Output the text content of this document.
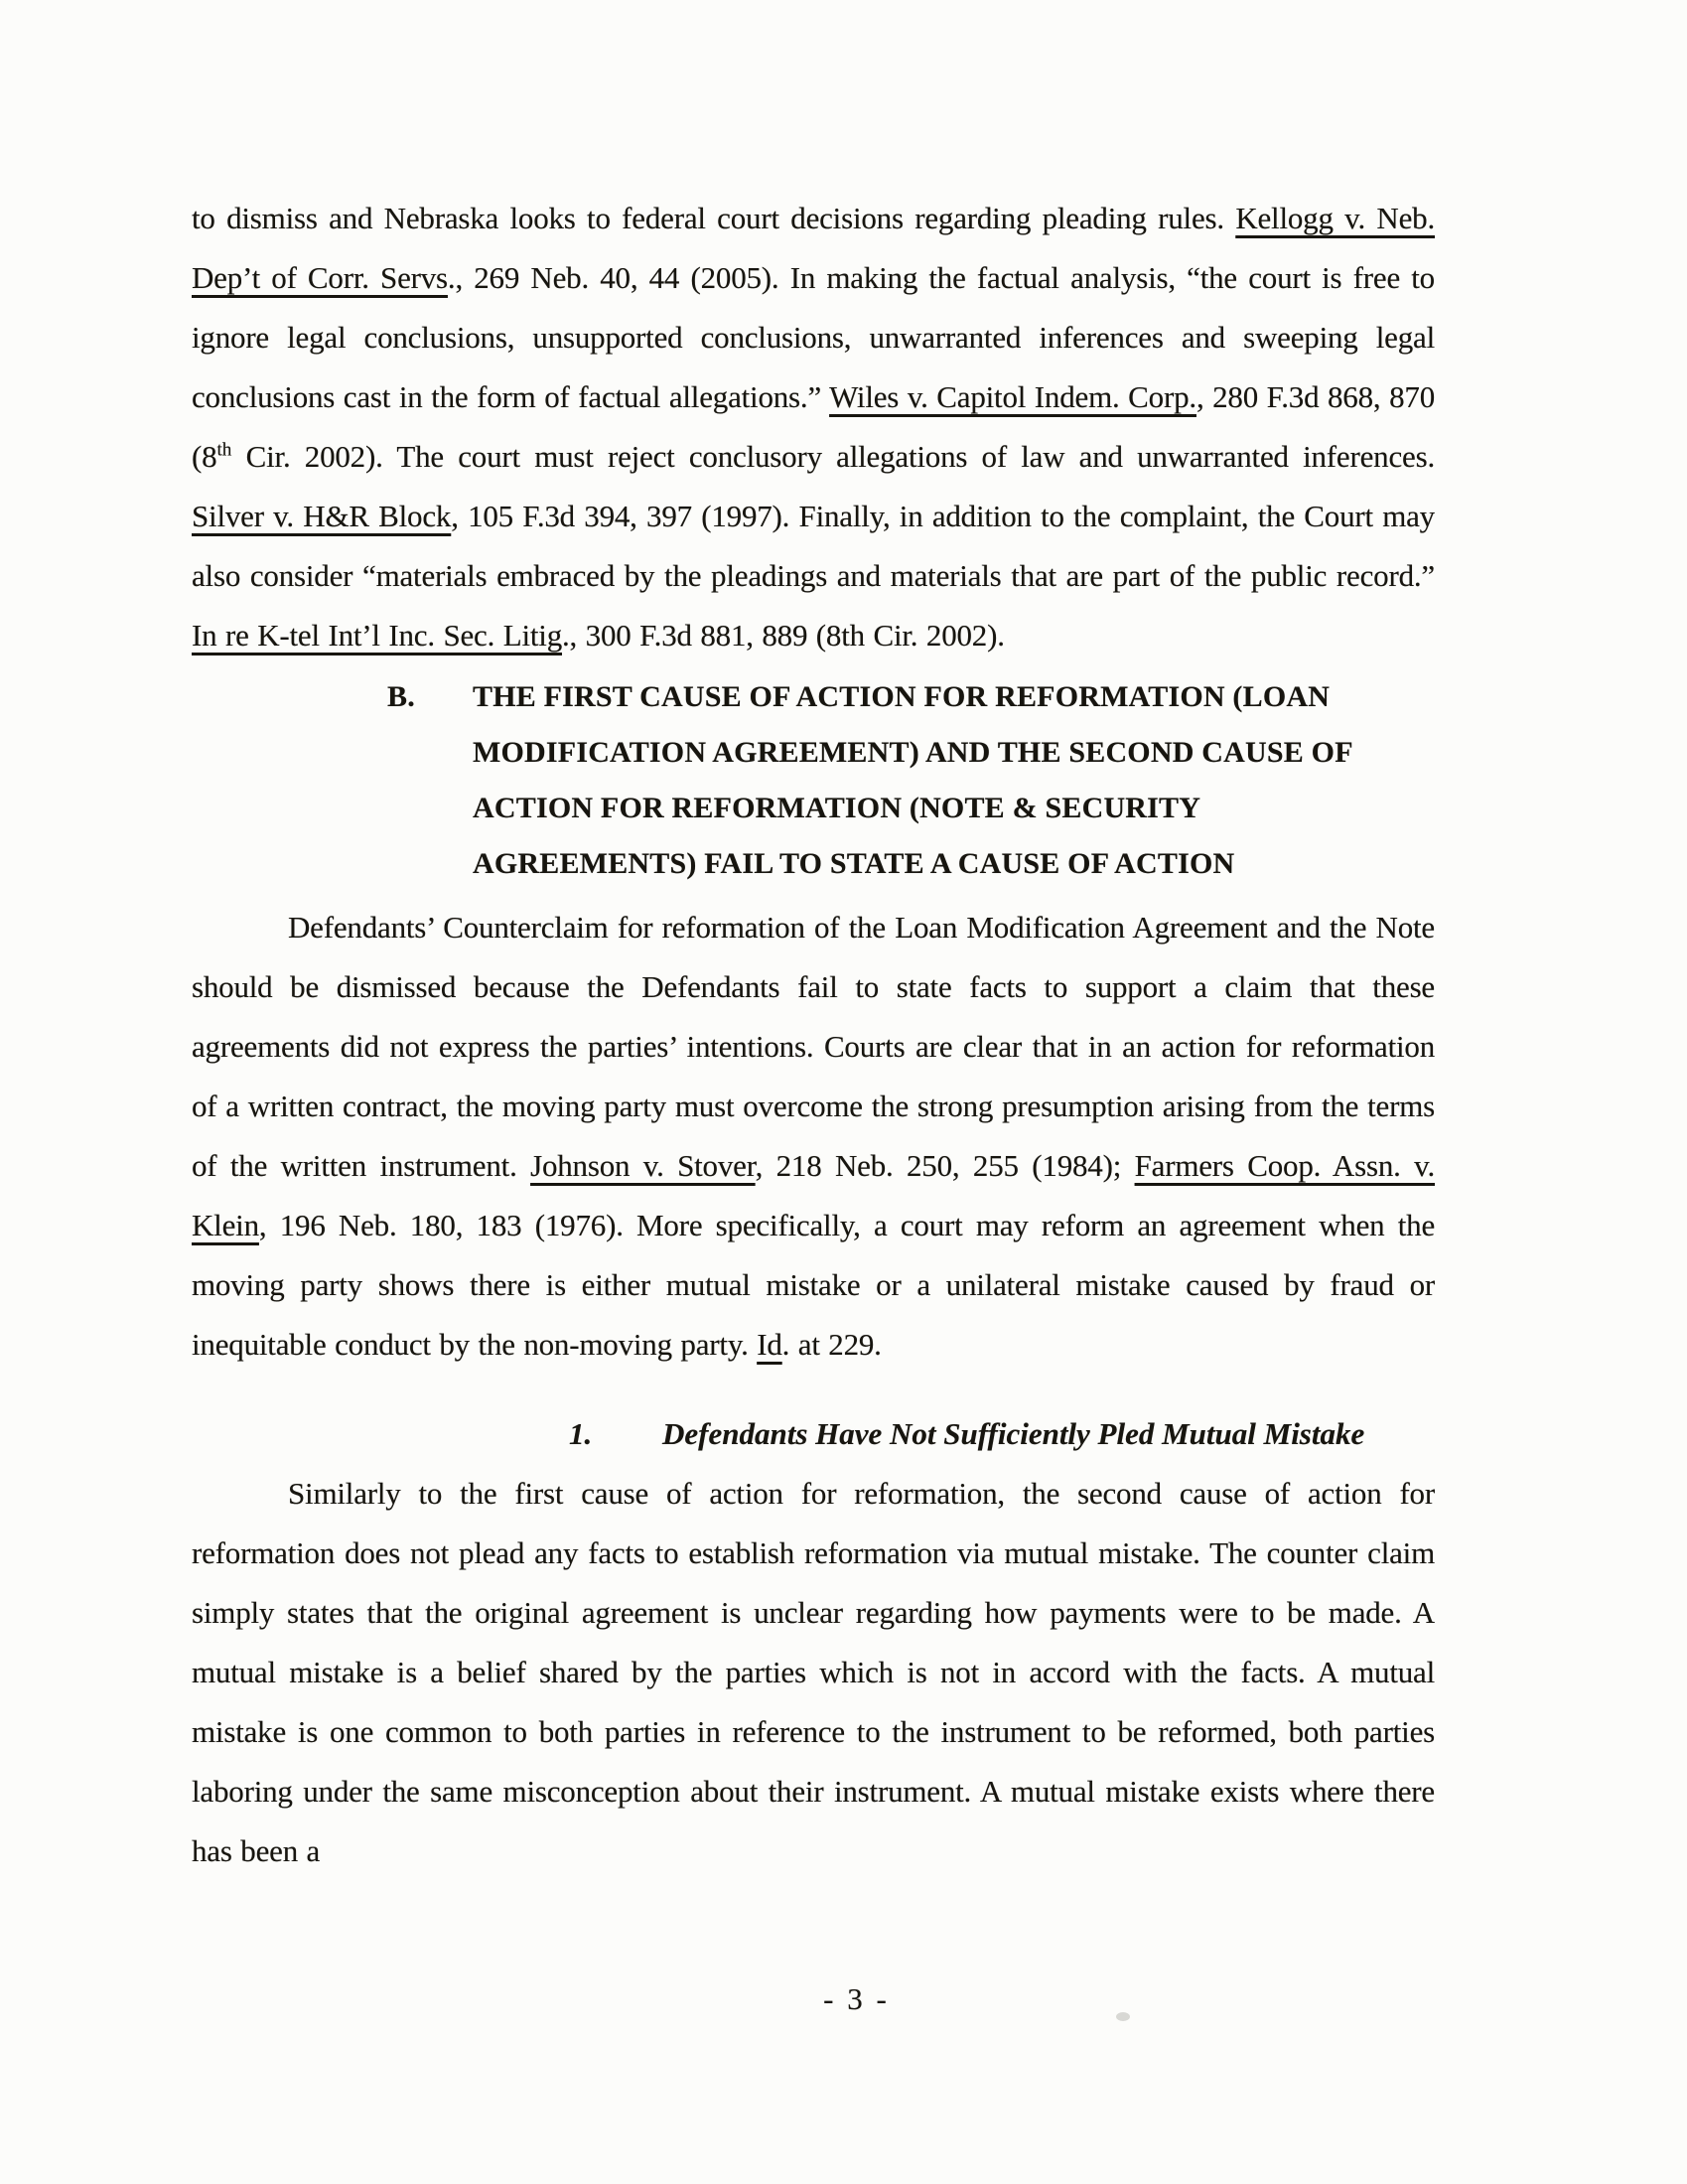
to dismiss and Nebraska looks to federal court decisions regarding pleading rules. Kellogg v. Neb. Dep’t of Corr. Servs., 269 Neb. 40, 44 (2005). In making the factual analysis, “the court is free to ignore legal conclusions, unsupported conclusions, unwarranted inferences and sweeping legal conclusions cast in the form of factual allegations.” Wiles v. Capitol Indem. Corp., 280 F.3d 868, 870 (8th Cir. 2002). The court must reject conclusory allegations of law and unwarranted inferences. Silver v. H&R Block, 105 F.3d 394, 397 (1997). Finally, in addition to the complaint, the Court may also consider “materials embraced by the pleadings and materials that are part of the public record.” In re K-tel Int’l Inc. Sec. Litig., 300 F.3d 881, 889 (8th Cir. 2002).

B. THE FIRST CAUSE OF ACTION FOR REFORMATION (LOAN
MODIFICATION AGREEMENT) AND THE SECOND CAUSE OF
ACTION FOR REFORMATION (NOTE & SECURITY
AGREEMENTS) FAIL TO STATE A CAUSE OF ACTION

Defendants’ Counterclaim for reformation of the Loan Modification Agreement and the Note should be dismissed because the Defendants fail to state facts to support a claim that these agreements did not express the parties’ intentions. Courts are clear that in an action for reformation of a written contract, the moving party must overcome the strong presumption arising from the terms of the written instrument. Johnson v. Stover, 218 Neb. 250, 255 (1984); Farmers Coop. Assn. v. Klein, 196 Neb. 180, 183 (1976). More specifically, a court may reform an agreement when the moving party shows there is either mutual mistake or a unilateral mistake caused by fraud or inequitable conduct by the non-moving party. Id. at 229.

1. Defendants Have Not Sufficiently Pled Mutual Mistake

Similarly to the first cause of action for reformation, the second cause of action for reformation does not plead any facts to establish reformation via mutual mistake. The counter claim simply states that the original agreement is unclear regarding how payments were to be made. A mutual mistake is a belief shared by the parties which is not in accord with the facts. A mutual mistake is one common to both parties in reference to the instrument to be reformed, both parties laboring under the same misconception about their instrument. A mutual mistake exists where there has been a

- 3 -
